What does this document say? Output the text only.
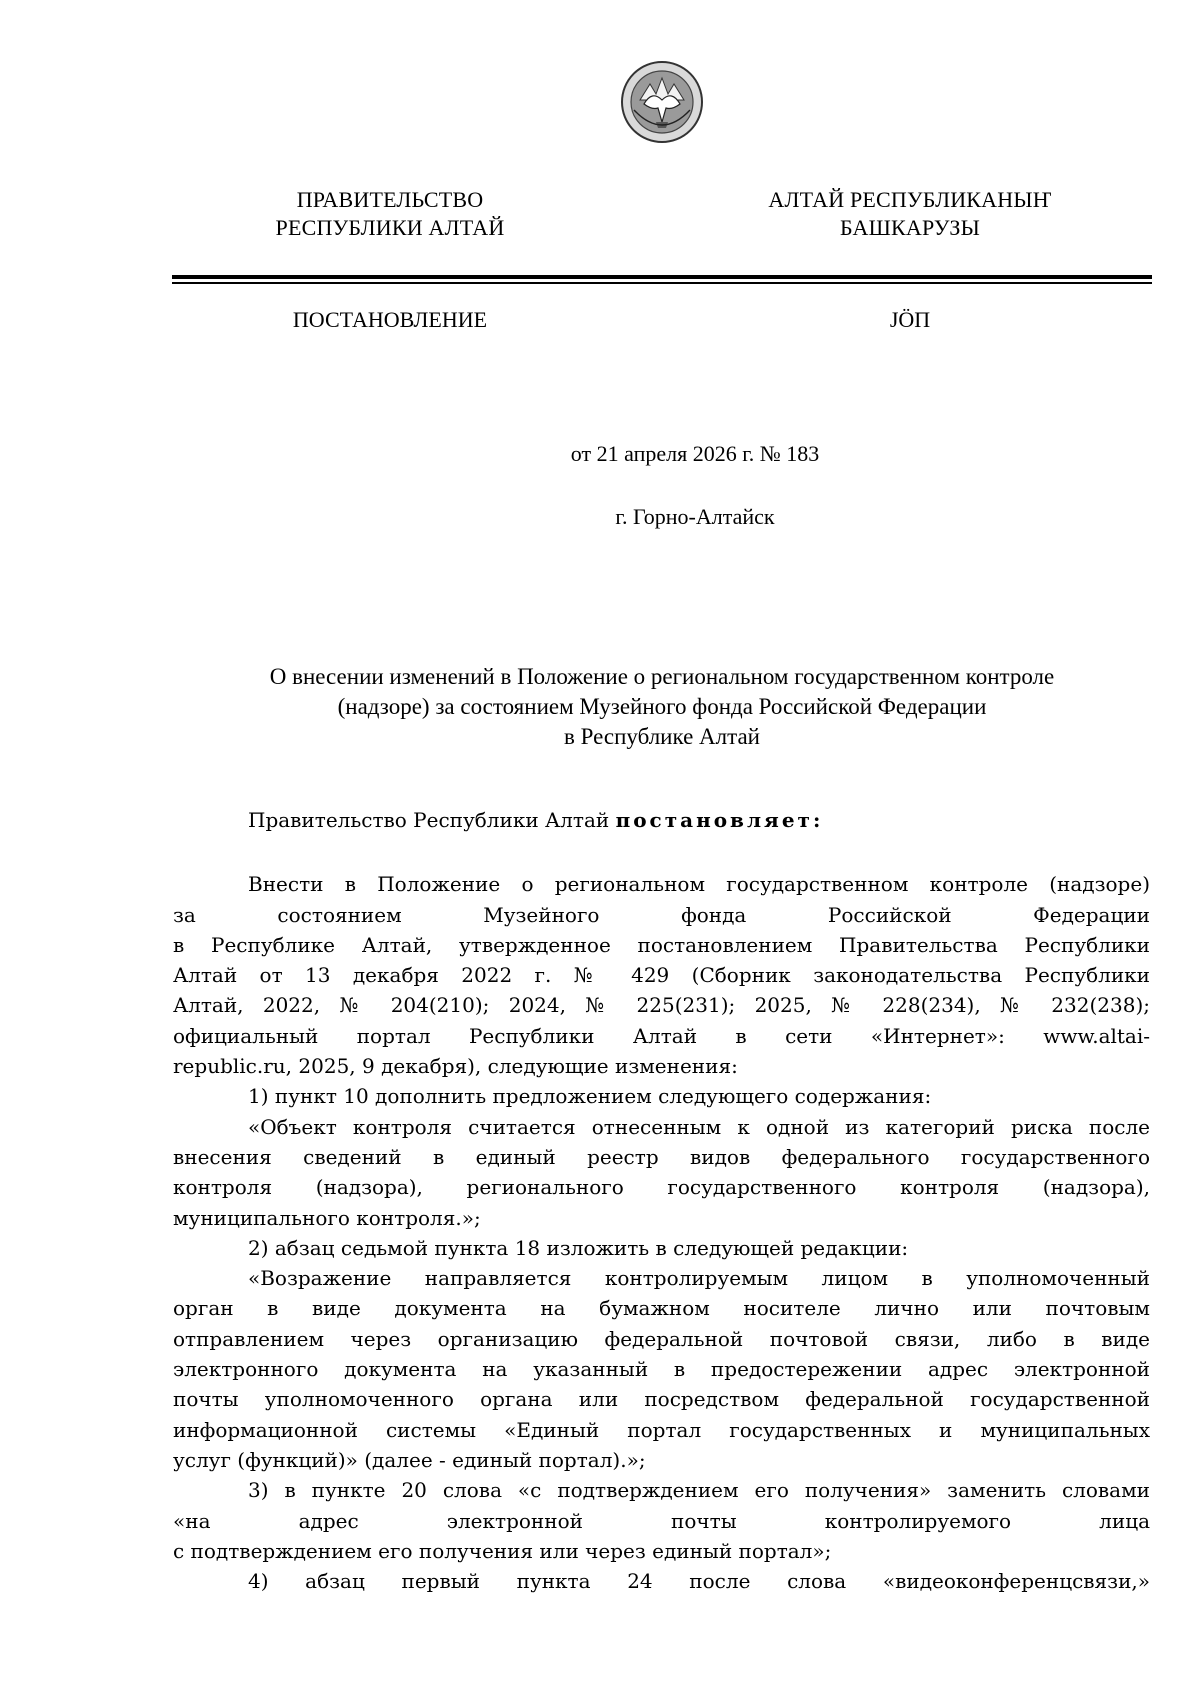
ПРАВИТЕЛЬСТВО
РЕСПУБЛИКИ АЛТАЙ
АЛТАЙ РЕСПУБЛИКАНЫҤ
БАШКАРУЗЫ
ПОСТАНОВЛЕНИЕ	JÖП
от 21 апреля 2026 г. № 183
г. Горно-Алтайск
О внесении изменений в Положение о региональном государственном контроле
(надзоре) за состоянием Музейного фонда Российской Федерации
в Республике Алтай

Правительство Республики Алтай постановляет:

Внести в Положение о региональном государственном контроле (надзоре)
за состоянием Музейного фонда Российской Федерации
в Республике Алтай, утвержденное постановлением Правительства Республики
Алтай от 13 декабря 2022 г. № 429 (Сборник законодательства Республики
Алтай, 2022, № 204(210); 2024, № 225(231); 2025, № 228(234), № 232(238);
официальный портал Республики Алтай в сети «Интернет»: www.altai-
republic.ru, 2025, 9 декабря), следующие изменения:

1) пункт 10 дополнить предложением следующего содержания:

«Объект контроля считается отнесенным к одной из категорий риска после
внесения сведений в единый реестр видов федерального государственного
контроля (надзора), регионального государственного контроля (надзора),
муниципального контроля.»;

2) абзац седьмой пункта 18 изложить в следующей редакции:

«Возражение направляется контролируемым лицом в уполномоченный
орган в виде документа на бумажном носителе лично или почтовым
отправлением через организацию федеральной почтовой связи, либо в виде
электронного документа на указанный в предостережении адрес электронной
почты уполномоченного органа или посредством федеральной государственной
информационной системы «Единый портал государственных и муниципальных
услуг (функций)» (далее - единый портал).»;

3) в пункте 20 слова «с подтверждением его получения» заменить словами
«на адрес электронной почты контролируемого лица
с подтверждением его получения или через единый портал»;

4) абзац первый пункта 24 после слова «видеоконференцсвязи,»
